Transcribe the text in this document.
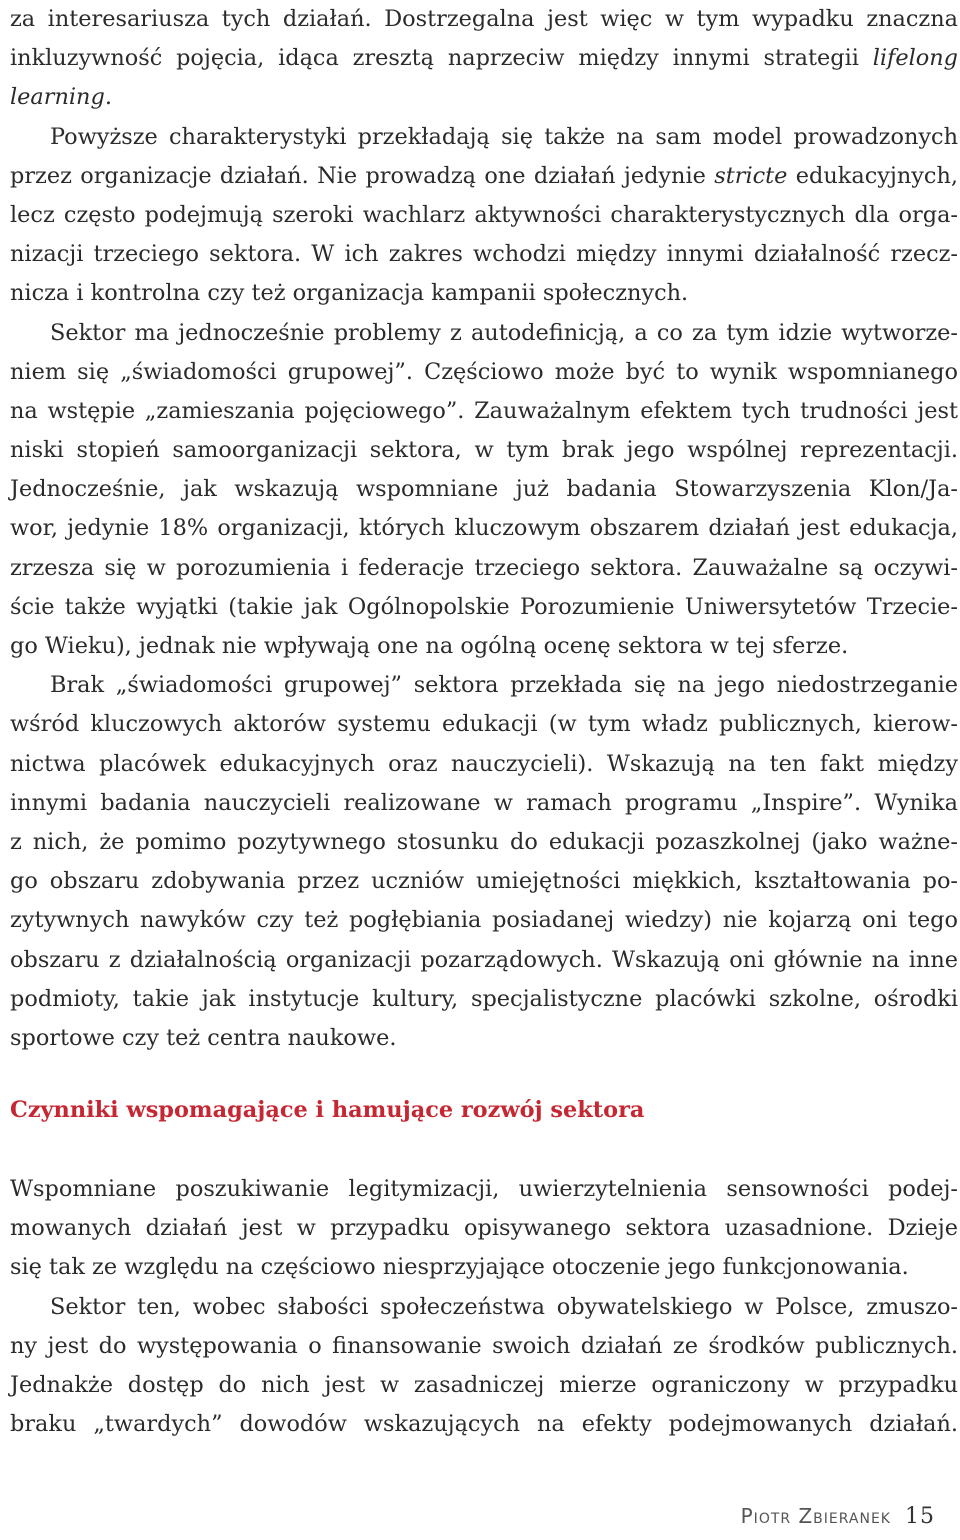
za interesariusza tych działań. Dostrzegalna jest więc w tym wypadku znaczna
inkluzywność pojęcia, idąca zresztą naprzeciw między innymi strategii lifelong
learning.
Powyższe charakterystyki przekładają się także na sam model prowadzonych
przez organizacje działań. Nie prowadzą one działań jedynie stricte edukacyjnych,
lecz często podejmują szeroki wachlarz aktywności charakterystycznych dla orga-
nizacji trzeciego sektora. W ich zakres wchodzi między innymi działalność rzecz-
nicza i kontrolna czy też organizacja kampanii społecznych.
Sektor ma jednocześnie problemy z autodefinicją, a co za tym idzie wytworze-
niem się „świadomości grupowej”. Częściowo może być to wynik wspomnianego
na wstępie „zamieszania pojęciowego”. Zauważalnym efektem tych trudności jest
niski stopień samoorganizacji sektora, w tym brak jego wspólnej reprezentacji.
Jednocześnie, jak wskazują wspomniane już badania Stowarzyszenia Klon/Ja-
wor, jedynie 18% organizacji, których kluczowym obszarem działań jest edukacja,
zrzesza się w porozumienia i federacje trzeciego sektora. Zauważalne są oczywi-
ście także wyjątki (takie jak Ogólnopolskie Porozumienie Uniwersytetów Trzecie-
go Wieku), jednak nie wpływają one na ogólną ocenę sektora w tej sferze.
Brak „świadomości grupowej” sektora przekłada się na jego niedostrzeganie
wśród kluczowych aktorów systemu edukacji (w tym władz publicznych, kierow-
nictwa placówek edukacyjnych oraz nauczycieli). Wskazują na ten fakt między
innymi badania nauczycieli realizowane w ramach programu „Inspire”. Wynika
z nich, że pomimo pozytywnego stosunku do edukacji pozaszkolnej (jako ważne-
go obszaru zdobywania przez uczniów umiejętności miękkich, kształtowania po-
zytywnych nawyków czy też pogłębiania posiadanej wiedzy) nie kojarzą oni tego
obszaru z działalnością organizacji pozarządowych. Wskazują oni głównie na inne
podmioty, takie jak instytucje kultury, specjalistyczne placówki szkolne, ośrodki
sportowe czy też centra naukowe.
Czynniki wspomagające i hamujące rozwój sektora
Wspomniane poszukiwanie legitymizacji, uwierzytelnienia sensowności podej-
mowanych działań jest w przypadku opisywanego sektora uzasadnione. Dzieje
się tak ze względu na częściowo niesprzyjające otoczenie jego funkcjonowania.
Sektor ten, wobec słabości społeczeństwa obywatelskiego w Polsce, zmuszo-
ny jest do występowania o finansowanie swoich działań ze środków publicznych.
Jednakże dostęp do nich jest w zasadniczej mierze ograniczony w przypadku
braku „twardych” dowodów wskazujących na efekty podejmowanych działań.
Piotr Zbieranek 15
